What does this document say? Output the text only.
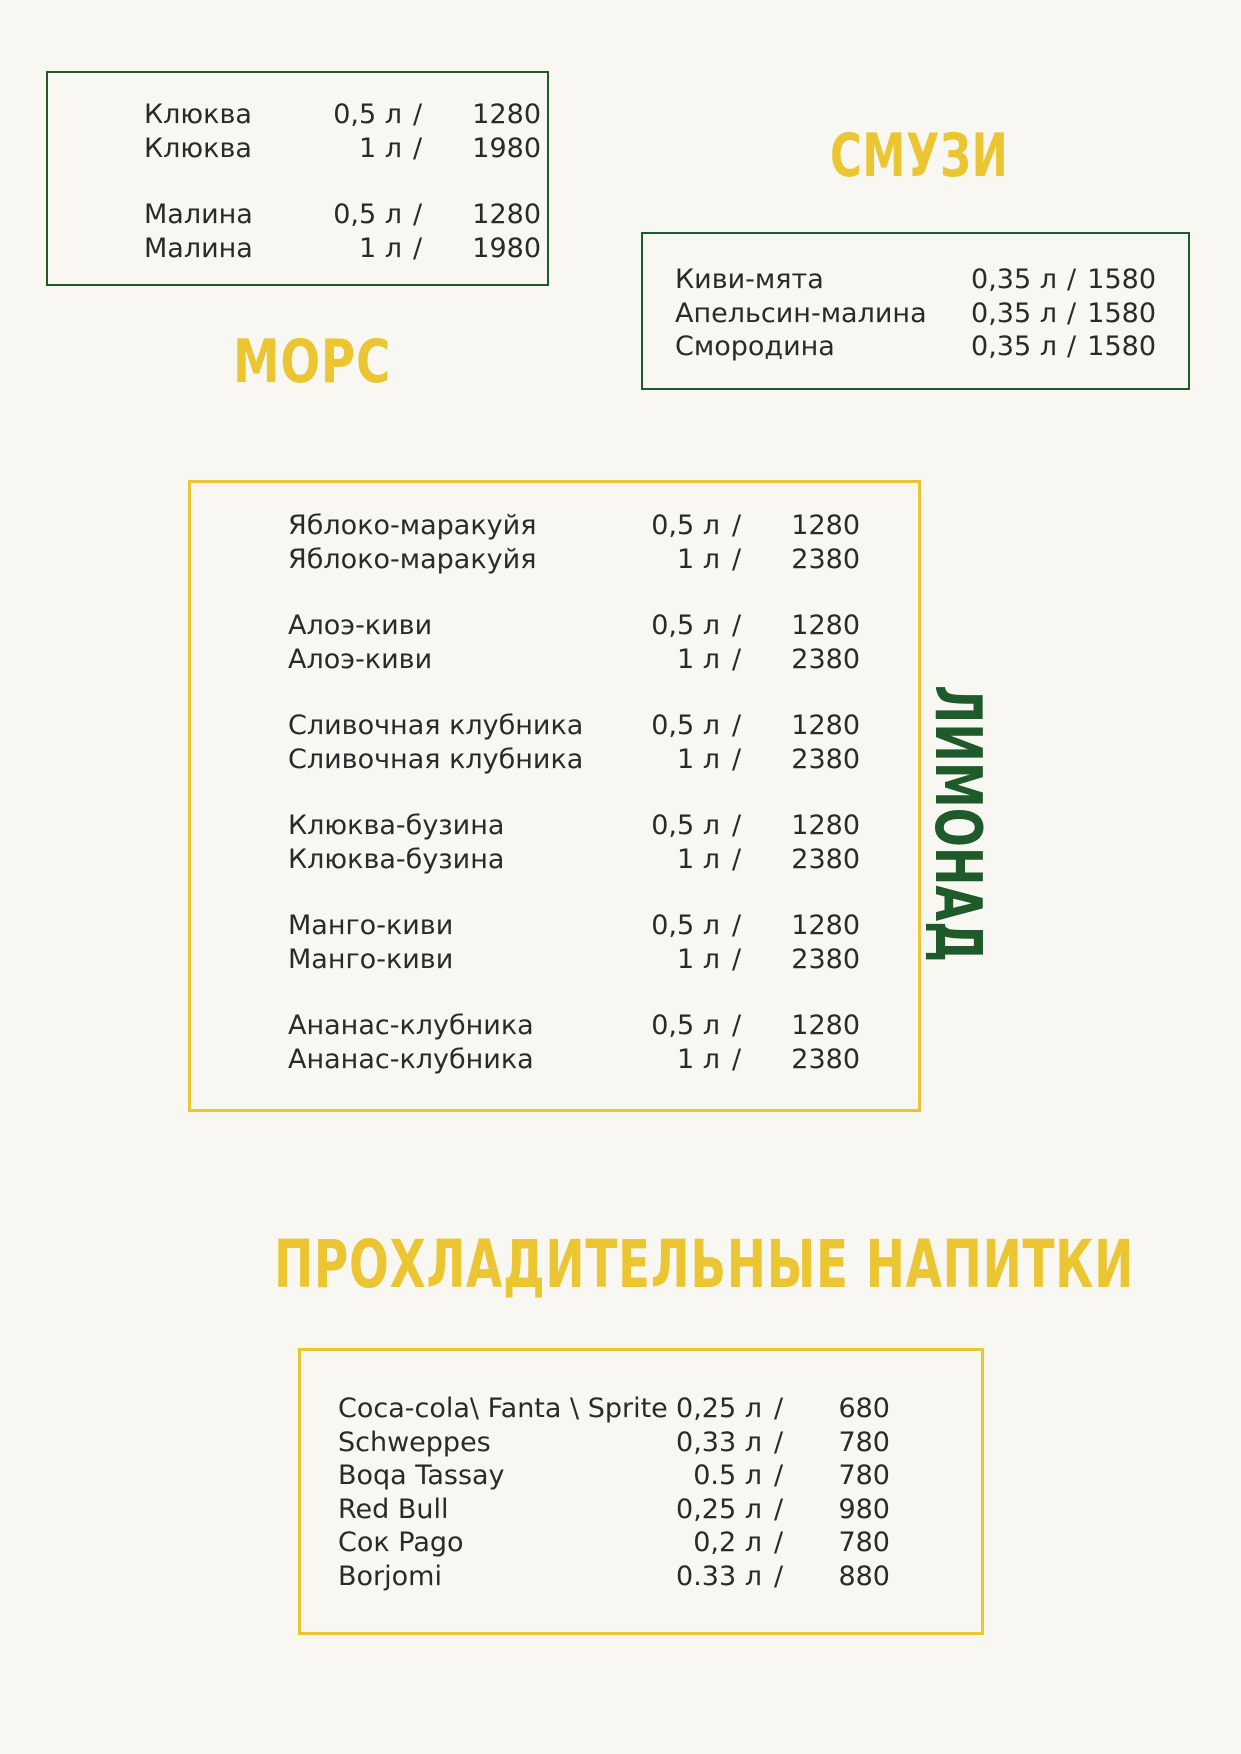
Клюква	0,5 л /	1280
Клюква	1 л /	1980
Малина	0,5 л /	1280
Малина	1 л /	1980
МОРС
СМУЗИ
Киви-мята	0,35 л / 1580
Апельсин-малина	0,35 л / 1580
Смородина	0,35 л / 1580
Яблоко-маракуйя	0,5 л /	1280
Яблоко-маракуйя	1 л /	2380
Алоэ-киви	0,5 л /	1280
Алоэ-киви	1 л /	2380
Сливочная клубника	0,5 л /	1280
Сливочная клубника	1 л /	2380
Клюква-бузина	0,5 л /	1280
Клюква-бузина	1 л /	2380
Манго-киви	0,5 л /	1280
Манго-киви	1 л /	2380
Ананас-клубника	0,5 л /	1280
Ананас-клубника	1 л /	2380
ЛИМОНАД
ПРОХЛАДИТЕЛЬНЫЕ НАПИТКИ
Coca-cola\ Fanta \ Sprite 0,25 л /	680
Schweppes	0,33 л /	780
Boqa Tassay	0.5 л /	780
Red Bull	0,25 л /	980
Сок Pago	0,2 л /	780
Borjomi	0.33 л /	880
